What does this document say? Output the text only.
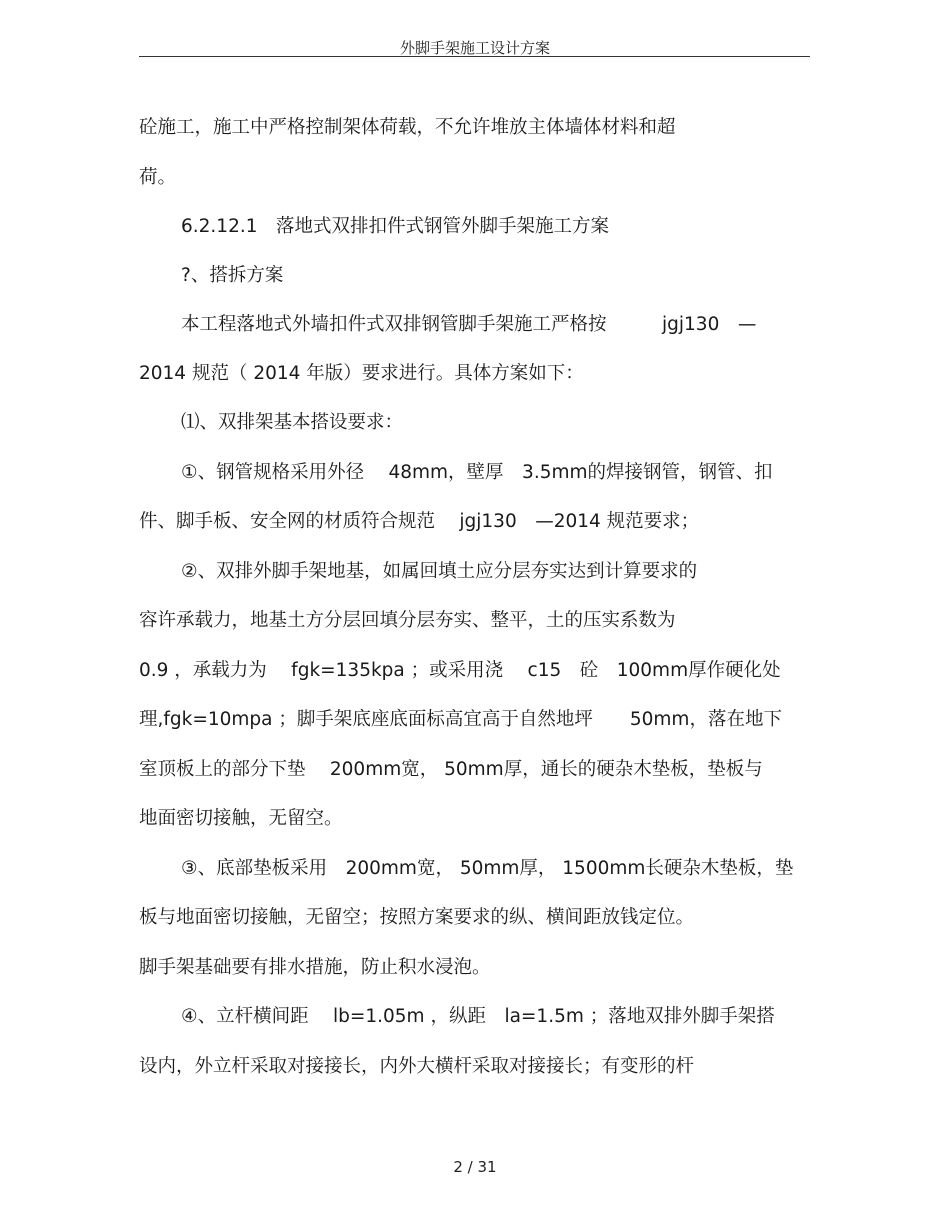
外脚手架施工设计方案
砼施工，施工中严格控制架体荷载，不允许堆放主体墙体材料和超
荷。
6.2.12.1　落地式双排扣件式钢管外脚手架施工方案
?、搭拆方案
本工程落地式外墙扣件式双排钢管脚手架施工严格按　　　jgj130　—
2014 规范（ 2014 年版）要求进行。具体方案如下：
⑴、双排架基本搭设要求：
①、钢管规格采用外径　 48mm，壁厚　3.5mm的焊接钢管，钢管、扣
件、脚手板、安全网的材质符合规范　 jgj130　—2014 规范要求；
②、双排外脚手架地基，如属回填土应分层夯实达到计算要求的
容许承载力，地基土方分层回填分层夯实、整平，土的压实系数为
0.9 ，承载力为　 fgk=135kpa ；或采用浇　 c15　砼　100mm厚作硬化处
理,fgk=10mpa ；脚手架底座底面标高宜高于自然地坪　　50mm，落在地下
室顶板上的部分下垫　 200mm宽， 50mm厚，通长的硬杂木垫板，垫板与
地面密切接触，无留空。
③、底部垫板采用　200mm宽， 50mm厚， 1500mm长硬杂木垫板，垫
板与地面密切接触，无留空；按照方案要求的纵、横间距放钱定位。
脚手架基础要有排水措施，防止积水浸泡。
④、立杆横间距　 lb=1.05m ，纵距　la=1.5m ；落地双排外脚手架搭
设内，外立杆采取对接接长，内外大横杆采取对接接长；有变形的杆
2 / 31
